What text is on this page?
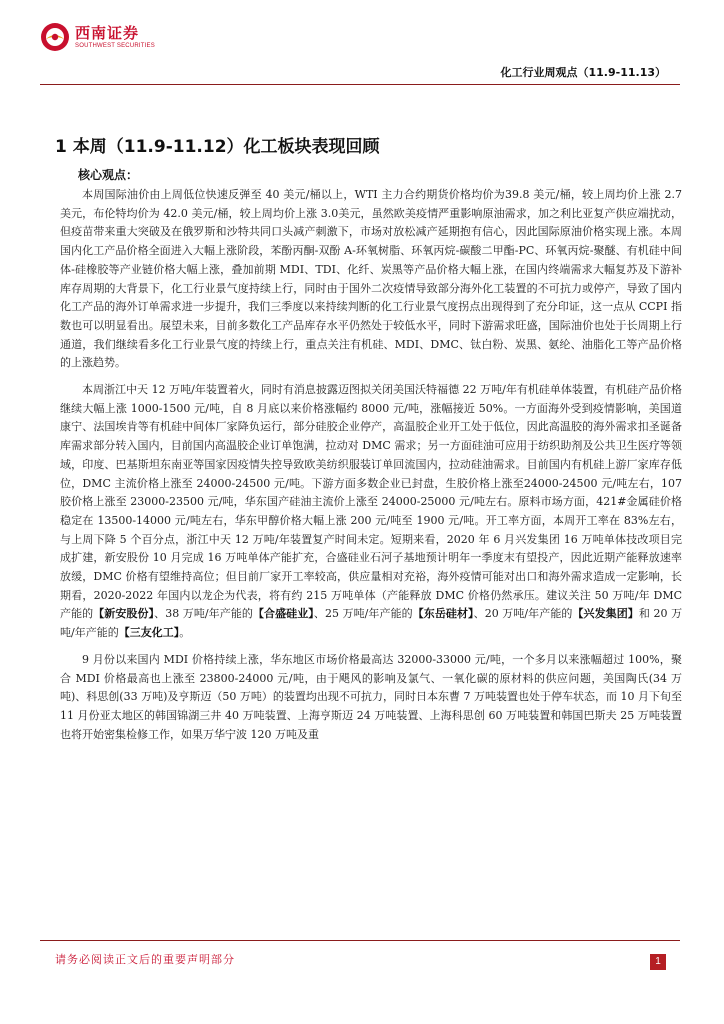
西南证券
SOUTHWEST SECURITIES
化工行业周观点（11.9-11.13）
1 本周（11.9-11.12）化工板块表现回顾
核心观点：

本周国际油价由上周低位快速反弹至 40 美元/桶以上，WTI 主力合约期货价格均价为39.8 美元/桶，较上周均价上涨 2.7 美元，布伦特均价为 42.0 美元/桶，较上周均价上涨 3.0美元，虽然欧美疫情严重影响原油需求，加之利比亚复产供应端扰动，但疫苗带来重大突破及在俄罗斯和沙特共同口头减产刺激下，市场对放松减产延期抱有信心，因此国际原油价格实现上涨。本周国内化工产品价格全面进入大幅上涨阶段，苯酚丙酮-双酚 A-环氧树脂、环氧丙烷-碳酸二甲酯-PC、环氧丙烷-聚醚、有机硅中间体-硅橡胶等产业链价格大幅上涨，叠加前期 MDI、TDI、化纤、炭黑等产品价格大幅上涨，在国内终端需求大幅复苏及下游补库存周期的大背景下，化工行业景气度持续上行，同时由于国外二次疫情导致部分海外化工装置的不可抗力或停产，导致了国内化工产品的海外订单需求进一步提升，我们三季度以来持续判断的化工行业景气度拐点出现得到了充分印证，这一点从 CCPI 指数也可以明显看出。展望未来，目前多数化工产品库存水平仍然处于较低水平，同时下游需求旺盛，国际油价也处于长周期上行通道，我们继续看多化工行业景气度的持续上行，重点关注有机硅、MDI、DMC、钛白粉、炭黑、氨纶、油脂化工等产品价格的上涨趋势。

本周浙江中天 12 万吨/年装置着火，同时有消息披露迈图拟关闭美国沃特福德 22 万吨/年有机硅单体装置，有机硅产品价格继续大幅上涨 1000-1500 元/吨，自 8 月底以来价格涨幅约 8000 元/吨，涨幅接近 50%。一方面海外受到疫情影响，美国道康宁、法国埃肯等有机硅中间体厂家降负运行，部分硅胶企业停产，高温胶企业开工处于低位，因此高温胶的海外需求扣圣诞备库需求部分转入国内，目前国内高温胶企业订单饱满，拉动对 DMC 需求；另一方面硅油可应用于纺织助剂及公共卫生医疗等领域，印度、巴基斯坦东南亚等国家因疫情失控导致欧美纺织服装订单回流国内，拉动硅油需求。目前国内有机硅上游厂家库存低位，DMC 主流价格上涨至 24000-24500 元/吨。下游方面多数企业已封盘，生胶价格上涨至24000-24500 元/吨左右，107 胶价格上涨至 23000-23500 元/吨，华东国产硅油主流价上涨至 24000-25000 元/吨左右。原料市场方面，421#金属硅价格稳定在 13500-14000 元/吨左右，华东甲醇价格大幅上涨 200 元/吨至 1900 元/吨。开工率方面，本周开工率在 83%左右，与上周下降 5 个百分点，浙江中天 12 万吨/年装置复产时间未定。短期来看，2020 年 6 月兴发集团 16 万吨单体技改项目完成扩建，新安股份 10 月完成 16 万吨单体产能扩充，合盛硅业石河子基地预计明年一季度末有望投产，因此近期产能释放速率放缓，DMC 价格有望维持高位；但目前厂家开工率较高，供应量相对充裕，海外疫情可能对出口和海外需求造成一定影响，长期看，2020-2022 年国内以龙企为代表，将有约 215 万吨单体（产能释放 DMC 价格仍然承压。建议关注 50 万吨/年 DMC 产能的【新安股份】、38 万吨/年产能的【合盛硅业】、25 万吨/年产能的【东岳硅材】、20 万吨/年产能的【兴发集团】和 20 万吨/年产能的【三友化工】。

9 月份以来国内 MDI 价格持续上涨，华东地区市场价格最高达 32000-33000 元/吨，一个多月以来涨幅超过 100%，聚合 MDI 价格最高也上涨至 23800-24000 元/吨，由于飓风的影响及氯气、一氧化碳的原材料的供应问题，美国陶氏(34 万吨)、科思创(33 万吨)及亨斯迈（50 万吨）的装置均出现不可抗力，同时日本东曹 7 万吨装置也处于停车状态，而 10 月下旬至 11 月份亚太地区的韩国锦湖三井 40 万吨装置、上海亨斯迈 24 万吨装置、上海科思创 60 万吨装置和韩国巴斯夫 25 万吨装置也将开始密集检修工作，如果万华宁波 120 万吨及重

请务必阅读正文后的重要声明部分	1
